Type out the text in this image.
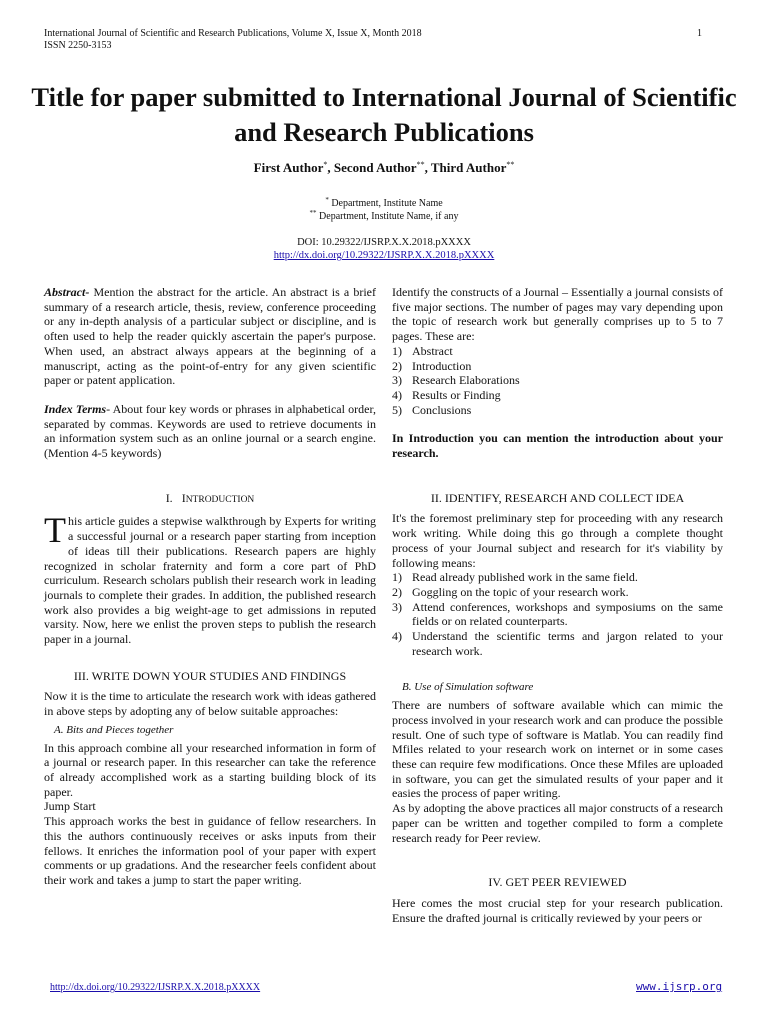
International Journal of Scientific and Research Publications, Volume X, Issue X, Month 2018
ISSN 2250-3153
1
Title for paper submitted to International Journal of Scientific and Research Publications
First Author*, Second Author**, Third Author**
* Department, Institute Name
** Department, Institute Name, if any
DOI: 10.29322/IJSRP.X.X.2018.pXXXX
http://dx.doi.org/10.29322/IJSRP.X.X.2018.pXXXX

Abstract- Mention the abstract for the article. An abstract is a brief summary of a research article, thesis, review, conference proceeding or any in-depth analysis of a particular subject or discipline, and is often used to help the reader quickly ascertain the paper's purpose. When used, an abstract always appears at the beginning of a manuscript, acting as the point-of-entry for any given scientific paper or patent application.

Index Terms- About four key words or phrases in alphabetical order, separated by commas. Keywords are used to retrieve documents in an information system such as an online journal or a search engine. (Mention 4-5 keywords)

I. INTRODUCTION

This article guides a stepwise walkthrough by Experts for writing a successful journal or a research paper starting from inception of ideas till their publications. Research papers are highly recognized in scholar fraternity and form a core part of PhD curriculum. Research scholars publish their research work in leading journals to complete their grades. In addition, the published research work also provides a big weight-age to get admissions in reputed varsity. Now, here we enlist the proven steps to publish the research paper in a journal.

III. WRITE DOWN YOUR STUDIES AND FINDINGS

Now it is the time to articulate the research work with ideas gathered in above steps by adopting any of below suitable approaches:

A. Bits and Pieces together

In this approach combine all your researched information in form of a journal or research paper. In this researcher can take the reference of already accomplished work as a starting building block of its paper.

Jump Start

This approach works the best in guidance of fellow researchers. In this the authors continuously receives or asks inputs from their fellows. It enriches the information pool of your paper with expert comments or up gradations. And the researcher feels confident about their work and takes a jump to start the paper writing.

Identify the constructs of a Journal – Essentially a journal consists of five major sections. The number of pages may vary depending upon the topic of research work but generally comprises up to 5 to 7 pages. These are:

1) Abstract
2) Introduction
3) Research Elaborations
4) Results or Finding
5) Conclusions

In Introduction you can mention the introduction about your research.

II. IDENTIFY, RESEARCH AND COLLECT IDEA

It's the foremost preliminary step for proceeding with any research work writing. While doing this go through a complete thought process of your Journal subject and research for it's viability by following means:

1) Read already published work in the same field.
2) Goggling on the topic of your research work.
3) Attend conferences, workshops and symposiums on the same fields or on related counterparts.
4) Understand the scientific terms and jargon related to your research work.

B. Use of Simulation software

There are numbers of software available which can mimic the process involved in your research work and can produce the possible result. One of such type of software is Matlab. You can readily find Mfiles related to your research work on internet or in some cases these can require few modifications. Once these Mfiles are uploaded in software, you can get the simulated results of your paper and it easies the process of paper writing.

As by adopting the above practices all major constructs of a research paper can be written and together compiled to form a complete research ready for Peer review.

IV. GET PEER REVIEWED

Here comes the most crucial step for your research publication. Ensure the drafted journal is critically reviewed by your peers or

http://dx.doi.org/10.29322/IJSRP.X.X.2018.pXXXX	www.ijsrp.org
